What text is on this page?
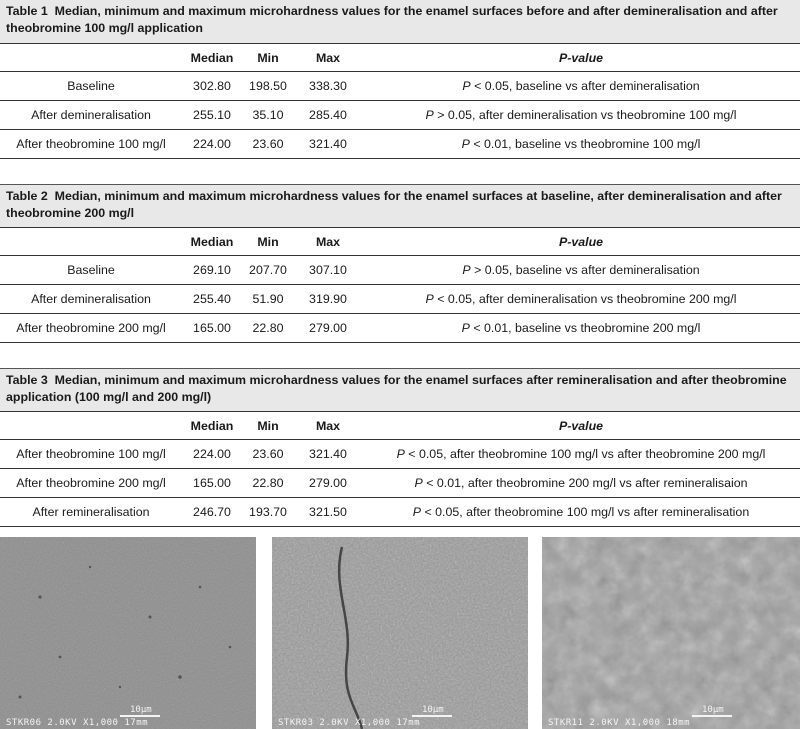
Table 1 Median, minimum and maximum microhardness values for the enamel surfaces before and after demineralisation and after theobromine 100 mg/l application
	Median	Min	Max	P-value
Baseline	302.80	198.50	338.30	P < 0.05, baseline vs after demineralisation
After demineralisation	255.10	35.10	285.40	P > 0.05, after demineralisation vs theobromine 100 mg/l
After theobromine 100 mg/l	224.00	23.60	321.40	P < 0.01, baseline vs theobromine 100 mg/l
Table 2 Median, minimum and maximum microhardness values for the enamel surfaces at baseline, after demineralisation and after theobromine 200 mg/l
	Median	Min	Max	P-value
Baseline	269.10	207.70	307.10	P > 0.05, baseline vs after demineralisation
After demineralisation	255.40	51.90	319.90	P < 0.05, after demineralisation vs theobromine 200 mg/l
After theobromine 200 mg/l	165.00	22.80	279.00	P < 0.01, baseline vs theobromine 200 mg/l
Table 3 Median, minimum and maximum microhardness values for the enamel surfaces after remineralisation and after theobromine application (100 mg/l and 200 mg/l)
	Median	Min	Max	P-value
After theobromine 100 mg/l	224.00	23.60	321.40	P < 0.05, after theobromine 100 mg/l vs after theobromine 200 mg/l
After theobromine 200 mg/l	165.00	22.80	279.00	P < 0.01, after theobromine 200 mg/l vs after remineralisaion
After remineralisation	246.70	193.70	321.50	P < 0.05, after theobromine 100 mg/l vs after remineralisation
10µm
STKR06 2.0KV X1,000 17mm
10µm
STKR03 2.0KV X1,000 17mm
10µm
STKR11 2.0KV X1,000 18mm
